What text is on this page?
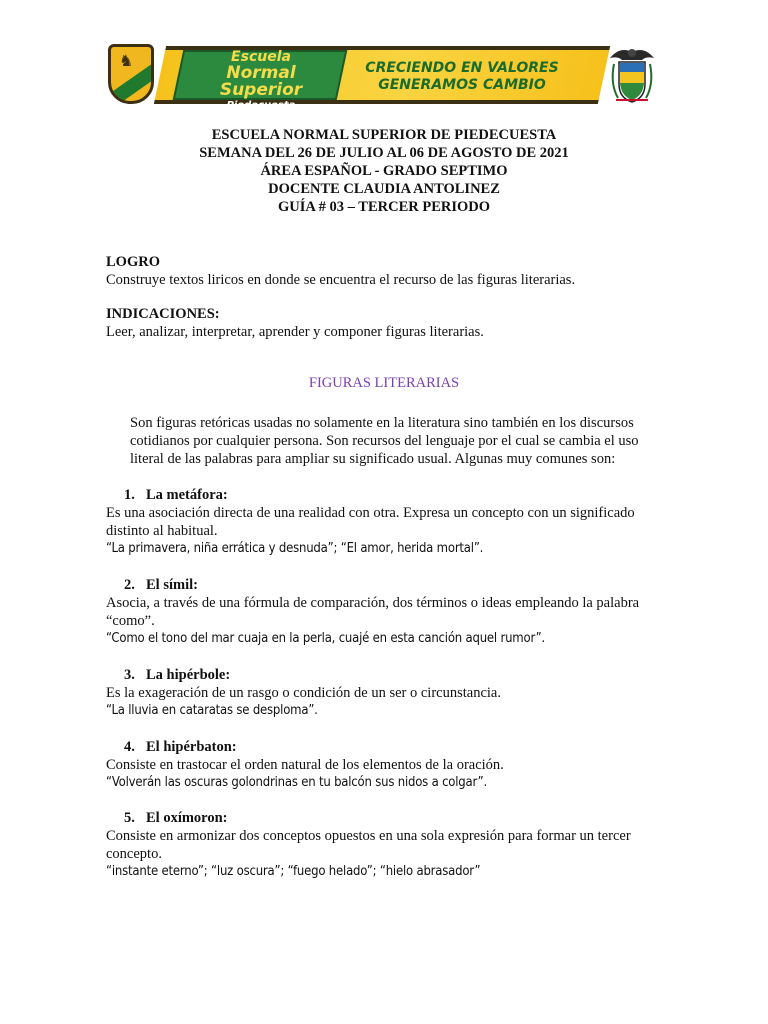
♞	Escuela
Normal Superior
Piedecuesta
CRECIENDO EN VALORES
GENERAMOS CAMBIO
ESCUELA NORMAL SUPERIOR DE PIEDECUESTA
SEMANA DEL 26 DE JULIO AL 06 DE AGOSTO DE 2021
ÁREA ESPAÑOL - GRADO SEPTIMO
DOCENTE CLAUDIA ANTOLINEZ
GUÍA # 03 – TERCER PERIODO
LOGRO
Construye textos liricos en donde se encuentra el recurso de las figuras literarias.
INDICACIONES:
Leer, analizar, interpretar, aprender y componer figuras literarias.
FIGURAS LITERARIAS
Son figuras retóricas usadas no solamente en la literatura sino también en los discursos
cotidianos por cualquier persona. Son recursos del lenguaje por el cual se cambia el uso
literal de las palabras para ampliar su significado usual. Algunas muy comunes son:
1. La metáfora:
Es una asociación directa de una realidad con otra. Expresa un concepto con un significado
distinto al habitual.
“La primavera, niña errática y desnuda”; “El amor, herida mortal”.
2. El símil:
Asocia, a través de una fórmula de comparación, dos términos o ideas empleando la palabra
“como”.
“Como el tono del mar cuaja en la perla, cuajé en esta canción aquel rumor”.
3. La hipérbole:
Es la exageración de un rasgo o condición de un ser o circunstancia.
“La lluvia en cataratas se desploma”.
4. El hipérbaton:
Consiste en trastocar el orden natural de los elementos de la oración.
“Volverán las oscuras golondrinas en tu balcón sus nidos a colgar”.
5. El oxímoron:
Consiste en armonizar dos conceptos opuestos en una sola expresión para formar un tercer
concepto.
“instante eterno”; “luz oscura”; “fuego helado”; “hielo abrasador”
